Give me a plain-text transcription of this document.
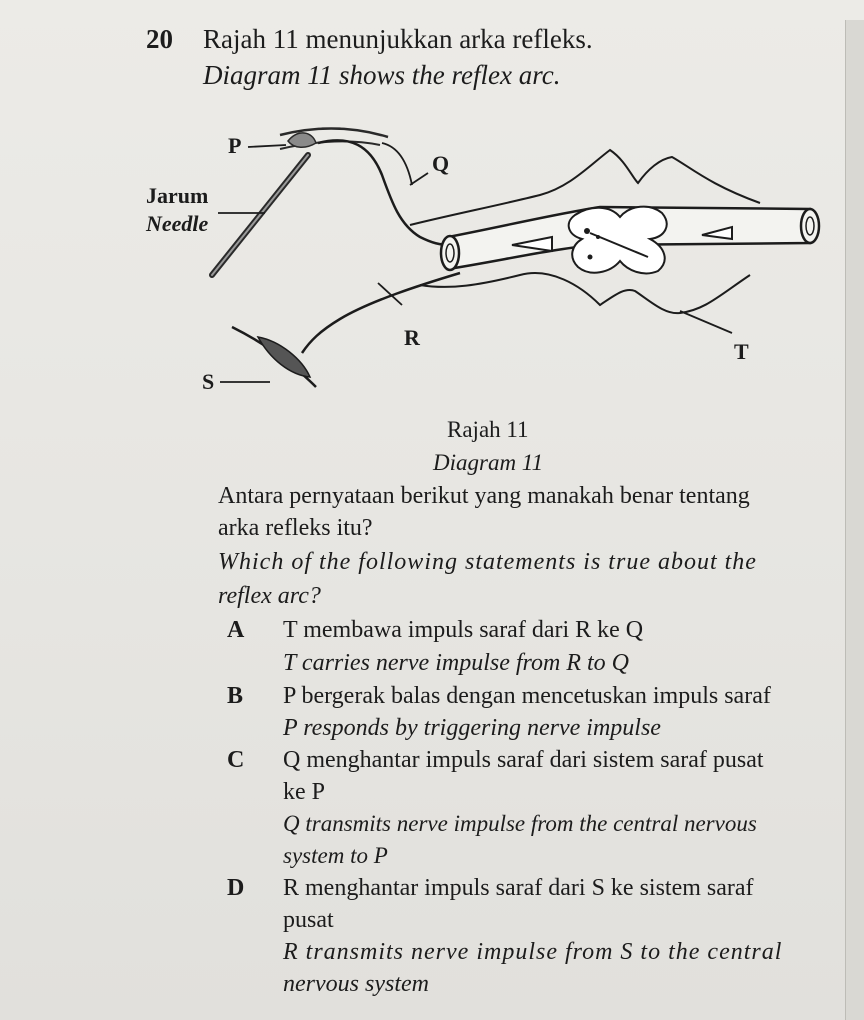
20 Rajah 11 menunjukkan arka refleks.
Diagram 11 shows the reflex arc.
P
Q
Jarum
Needle
R
S
T
Rajah 11
Diagram 11
Antara pernyataan berikut yang manakah benar tentang
arka refleks itu?
Which of the following statements is true about the
reflex arc?
A T membawa impuls saraf dari R ke Q
T carries nerve impulse from R to Q
B P bergerak balas dengan mencetuskan impuls saraf
P responds by triggering nerve impulse
C Q menghantar impuls saraf dari sistem saraf pusat
ke P
Q transmits nerve impulse from the central nervous
system to P
D R menghantar impuls saraf dari S ke sistem saraf
pusat
R transmits nerve impulse from S to the central
nervous system
